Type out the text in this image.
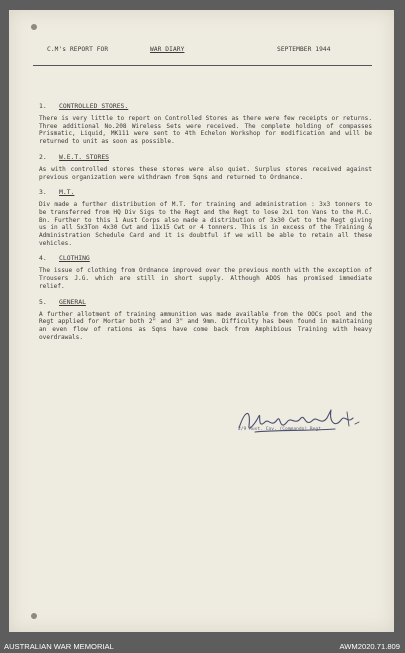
C.M's REPORT FOR	WAR DIARY	SEPTEMBER 1944
1. CONTROLLED STORES.

There is very little to report on Controlled Stores as there were few receipts or returns. Three additional No.208 Wireless Sets were received. The complete holding of compasses Prismatic, Liquid, MK111 were sent to 4th Echelon Workshop for modification and will be returned to unit as soon as possible.

2. W.E.T. STORES

As with controlled stores these stores were also quiet. Surplus stores received against previous organization were withdrawn from Sqns and returned to Ordnance.

3. M.T.

Div made a further distribution of M.T. for training and administration : 3x3 tonners to be transferred from HQ Div Sigs to the Regt and the Regt to lose 2x1 ton Vans to the M.C. Bn. Further to this 1 Aust Corps also made a distribution of 3x30 Cwt to the Regt giving us in all 5x3Ton 4x30 Cwt and 11x15 Cwt or 4 tonners. This is in excess of the Training & Administration Schedule Card and it is doubtful if we will be able to retain all these vehicles.

4. CLOTHING

The issue of clothing from Ordnance improved over the previous month with the exception of Trousers J.G. which are still in short supply. Although ADOS has promised immediate relief.

5. GENERAL

A further allotment of training ammunition was made available from the OOCs pool and the Regt applied for Mortar both 2" and 3" and 9mm. Difficulty has been found in maintaining an even flow of rations as Sqns have come back from Amphibious Training with heavy overdrawals.

2/9 Aust. Cav. (Commando) Regt.
AUSTRALIAN WAR MEMORIAL	AWM2020.71.809
